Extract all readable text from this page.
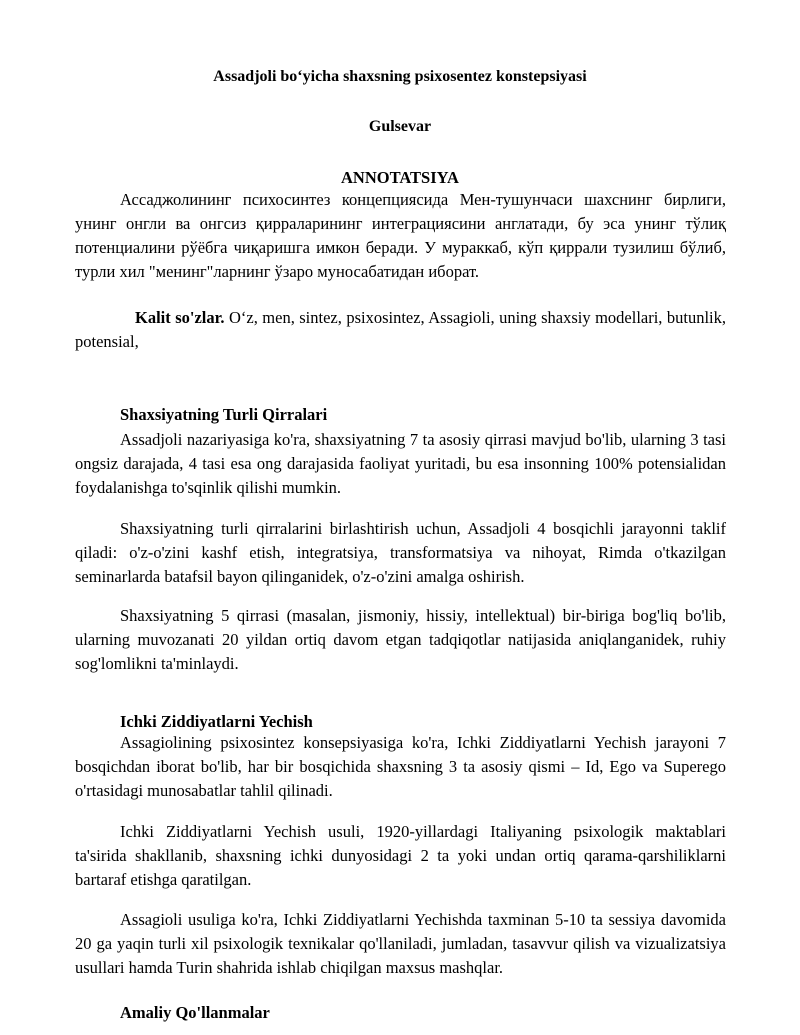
Assadjoli bo‘yicha shaxsning psixosentez konstepsiyasi
Gulsevar
ANNOTATSIYA

Ассаджолининг психосинтез концепциясида Мен-тушунчаси шахснинг бирлиги, унинг онгли ва онгсиз қирраларининг интеграциясини англатади, бу эса унинг тўлиқ потенциалини рўёбга чиқаришга имкон беради. У мураккаб, кўп қиррали тузилиш бўлиб, турли хил "менинг"ларнинг ўзаро муносабатидан иборат.

Kalit so'zlar. O‘z, men, sintez, psixosintez, Assagioli, uning shaxsiy modellari, butunlik, potensial,

Shaxsiyatning Turli Qirralari

Assadjoli nazariyasiga ko'ra, shaxsiyatning 7 ta asosiy qirrasi mavjud bo'lib, ularning 3 tasi ongsiz darajada, 4 tasi esa ong darajasida faoliyat yuritadi, bu esa insonning 100% potensialidan foydalanishga to'sqinlik qilishi mumkin.

Shaxsiyatning turli qirralarini birlashtirish uchun, Assadjoli 4 bosqichli jarayonni taklif qiladi: o'z-o'zini kashf etish, integratsiya, transformatsiya va nihoyat, Rimda o'tkazilgan seminarlarda batafsil bayon qilinganidek, o'z-o'zini amalga oshirish.

Shaxsiyatning 5 qirrasi (masalan, jismoniy, hissiy, intellektual) bir-biriga bog'liq bo'lib, ularning muvozanati 20 yildan ortiq davom etgan tadqiqotlar natijasida aniqlanganidek, ruhiy sog'lomlikni ta'minlaydi.

Ichki Ziddiyatlarni Yechish

Assagiolining psixosintez konsepsiyasiga ko'ra, Ichki Ziddiyatlarni Yechish jarayoni 7 bosqichdan iborat bo'lib, har bir bosqichida shaxsning 3 ta asosiy qismi – Id, Ego va Superego o'rtasidagi munosabatlar tahlil qilinadi.

Ichki Ziddiyatlarni Yechish usuli, 1920-yillardagi Italiyaning psixologik maktablari ta'sirida shakllanib, shaxsning ichki dunyosidagi 2 ta yoki undan ortiq qarama-qarshiliklarni bartaraf etishga qaratilgan.

Assagioli usuliga ko'ra, Ichki Ziddiyatlarni Yechishda taxminan 5-10 ta sessiya davomida 20 ga yaqin turli xil psixologik texnikalar qo'llaniladi, jumladan, tasavvur qilish va vizualizatsiya usullari hamda Turin shahrida ishlab chiqilgan maxsus mashqlar.

Amaliy Qo'llanmalar
